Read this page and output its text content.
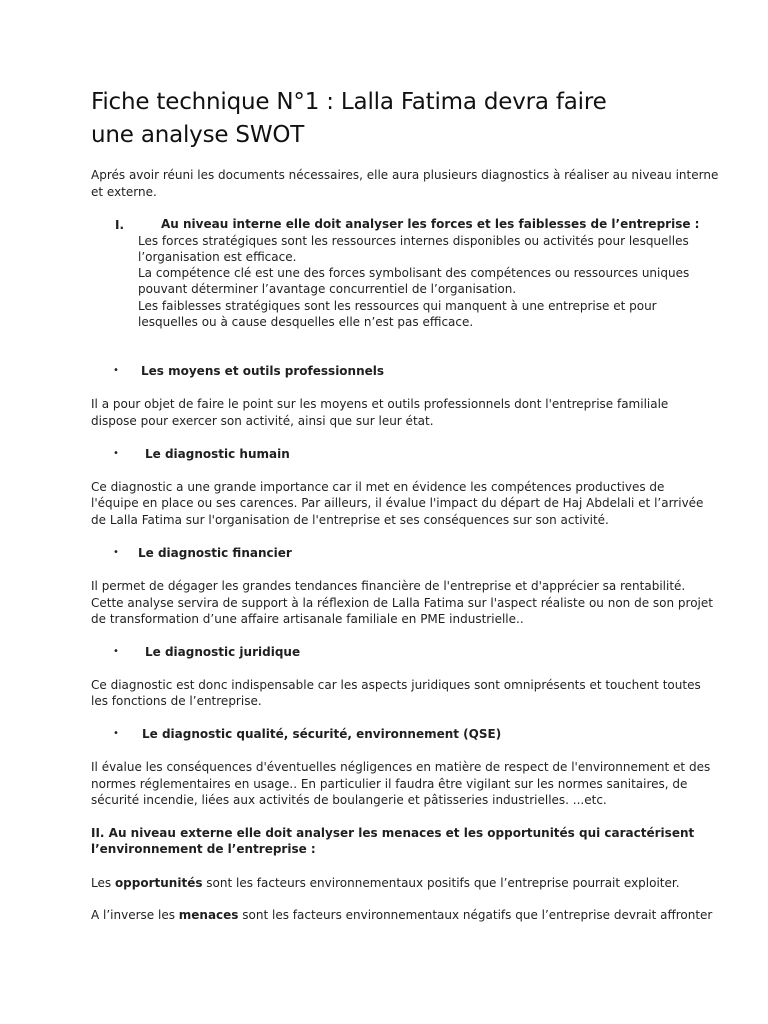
Fiche technique N°1 : Lalla Fatima devra faire
une analyse SWOT

Aprés avoir réuni les documents nécessaires, elle aura plusieurs diagnostics à réaliser au niveau interne

et externe.

I.	Au niveau interne elle doit analyser les forces et les faiblesses de l’entreprise :

Les forces stratégiques sont les ressources internes disponibles ou activités pour lesquelles

l’organisation est efficace.

La compétence clé est une des forces symbolisant des compétences ou ressources uniques

pouvant déterminer l’avantage concurrentiel de l’organisation.

Les faiblesses stratégiques sont les ressources qui manquent à une entreprise et pour

lesquelles ou à cause desquelles elle n’est pas efficace.

• Les moyens et outils professionnels

Il a pour objet de faire le point sur les moyens et outils professionnels dont l'entreprise familiale

dispose pour exercer son activité, ainsi que sur leur état.

• Le diagnostic humain

Ce diagnostic a une grande importance car il met en évidence les compétences productives de

l'équipe en place ou ses carences. Par ailleurs, il évalue l'impact du départ de Haj Abdelali et l’arrivée

de Lalla Fatima sur l'organisation de l'entreprise et ses conséquences sur son activité.

• Le diagnostic financier

Il permet de dégager les grandes tendances financière de l'entreprise et d'apprécier sa rentabilité.

Cette analyse servira de support à la réflexion de Lalla Fatima sur l'aspect réaliste ou non de son projet

de transformation d’une affaire artisanale familiale en PME industrielle..

• Le diagnostic juridique

Ce diagnostic est donc indispensable car les aspects juridiques sont omniprésents et touchent toutes

les fonctions de l’entreprise.

• Le diagnostic qualité, sécurité, environnement (QSE)

Il évalue les conséquences d'éventuelles négligences en matière de respect de l'environnement et des

normes réglementaires en usage.. En particulier il faudra être vigilant sur les normes sanitaires, de

sécurité incendie, liées aux activités de boulangerie et pâtisseries industrielles. ...etc.

II. Au niveau externe elle doit analyser les menaces et les opportunités qui caractérisent

l’environnement de l’entreprise :

Les opportunités sont les facteurs environnementaux positifs que l’entreprise pourrait exploiter.

A l’inverse les menaces sont les facteurs environnementaux négatifs que l’entreprise devrait affronter
